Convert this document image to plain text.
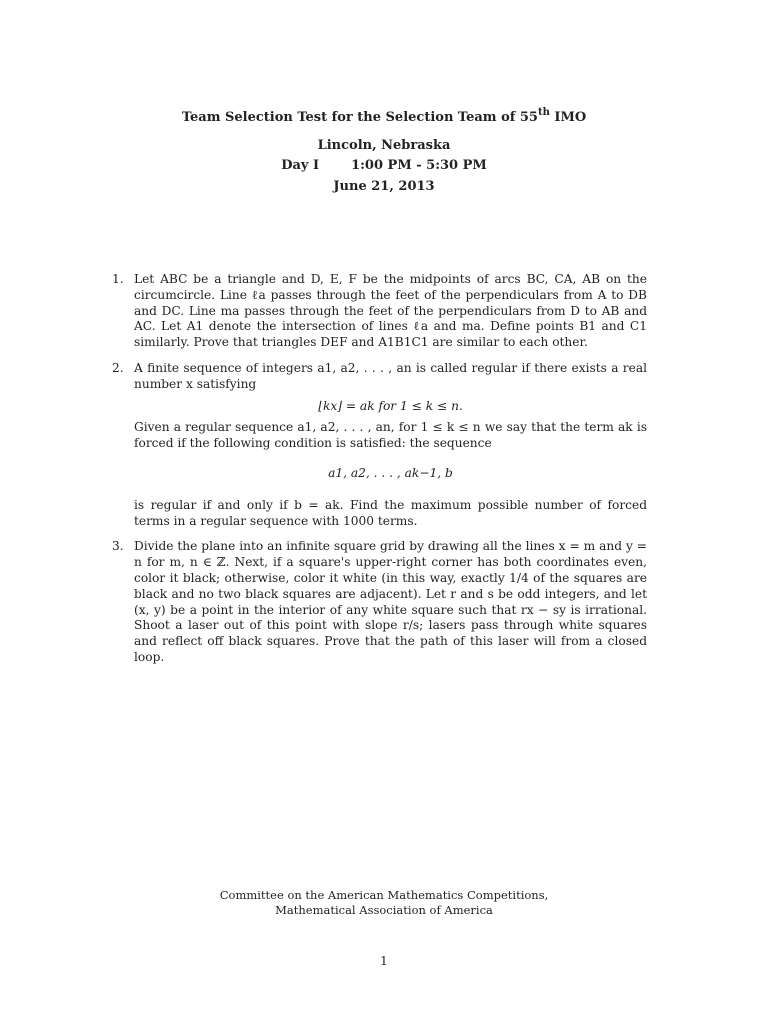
Team Selection Test for the Selection Team of 55th IMO
Lincoln, Nebraska
Day I 1:00 PM - 5:30 PM
June 21, 2013
1. Let ABC be a triangle and D, E, F be the midpoints of arcs BC, CA, AB on the circumcircle. Line ℓa passes through the feet of the perpendiculars from A to DB and DC. Line ma passes through the feet of the perpendiculars from D to AB and AC. Let A1 denote the intersection of lines ℓa and ma. Define points B1 and C1 similarly. Prove that triangles DEF and A1B1C1 are similar to each other.
2. A finite sequence of integers a1, a2, . . . , an is called regular if there exists a real number x satisfying
⌊kx⌋ = ak for 1 ≤ k ≤ n.
Given a regular sequence a1, a2, . . . , an, for 1 ≤ k ≤ n we say that the term ak is forced if the following condition is satisfied: the sequence
a1, a2, . . . , ak−1, b
is regular if and only if b = ak. Find the maximum possible number of forced terms in a regular sequence with 1000 terms.
3. Divide the plane into an infinite square grid by drawing all the lines x = m and y = n for m, n ∈ ℤ. Next, if a square's upper-right corner has both coordinates even, color it black; otherwise, color it white (in this way, exactly 1/4 of the squares are black and no two black squares are adjacent). Let r and s be odd integers, and let (x, y) be a point in the interior of any white square such that rx − sy is irrational. Shoot a laser out of this point with slope r/s; lasers pass through white squares and reflect off black squares. Prove that the path of this laser will from a closed loop.
Committee on the American Mathematics Competitions,
Mathematical Association of America
1
